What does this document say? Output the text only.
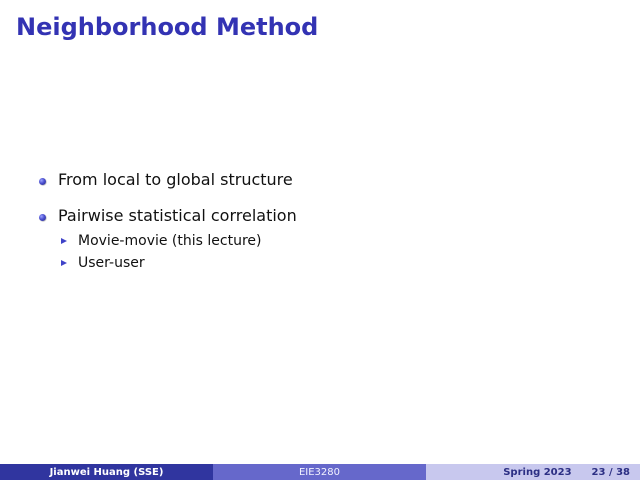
Neighborhood Method
From local to global structure
Pairwise statistical correlation
Movie-movie (this lecture)
User-user
Jianwei Huang (SSE)	EIE3280	Spring 2023 23 / 38
